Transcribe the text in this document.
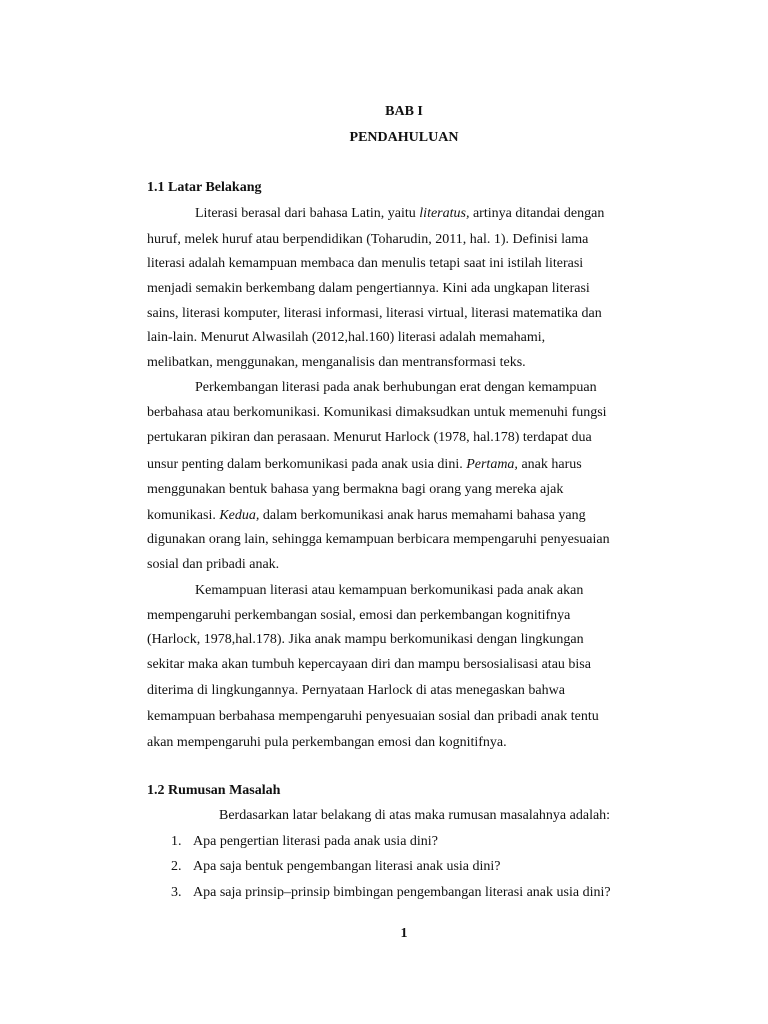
BAB I
PENDAHULUAN
1.1 Latar Belakang
Literasi berasal dari bahasa Latin, yaitu literatus, artinya ditandai dengan
huruf, melek huruf atau berpendidikan (Toharudin, 2011, hal. 1). Definisi lama
literasi adalah kemampuan membaca dan menulis tetapi saat ini istilah literasi
menjadi semakin berkembang dalam pengertiannya. Kini ada ungkapan literasi
sains, literasi komputer, literasi informasi, literasi virtual, literasi matematika dan
lain-lain. Menurut Alwasilah (2012,hal.160) literasi adalah memahami,
melibatkan, menggunakan, menganalisis dan mentransformasi teks.
Perkembangan literasi pada anak berhubungan erat dengan kemampuan
berbahasa atau berkomunikasi. Komunikasi dimaksudkan untuk memenuhi fungsi
pertukaran pikiran dan perasaan. Menurut Harlock (1978, hal.178) terdapat dua
unsur penting dalam berkomunikasi pada anak usia dini. Pertama, anak harus
menggunakan bentuk bahasa yang bermakna bagi orang yang mereka ajak
komunikasi. Kedua, dalam berkomunikasi anak harus memahami bahasa yang
digunakan orang lain, sehingga kemampuan berbicara mempengaruhi penyesuaian
sosial dan pribadi anak.
Kemampuan literasi atau kemampuan berkomunikasi pada anak akan
mempengaruhi perkembangan sosial, emosi dan perkembangan kognitifnya
(Harlock, 1978,hal.178). Jika anak mampu berkomunikasi dengan lingkungan
sekitar maka akan tumbuh kepercayaan diri dan mampu bersosialisasi atau bisa
diterima di lingkungannya. Pernyataan Harlock di atas menegaskan bahwa
kemampuan berbahasa mempengaruhi penyesuaian sosial dan pribadi anak tentu
akan mempengaruhi pula perkembangan emosi dan kognitifnya.
1.2 Rumusan Masalah
Berdasarkan latar belakang di atas maka rumusan masalahnya adalah:
1. Apa pengertian literasi pada anak usia dini?
2. Apa saja bentuk pengembangan literasi anak usia dini?
3. Apa saja prinsip–prinsip bimbingan pengembangan literasi anak usia dini?
1
